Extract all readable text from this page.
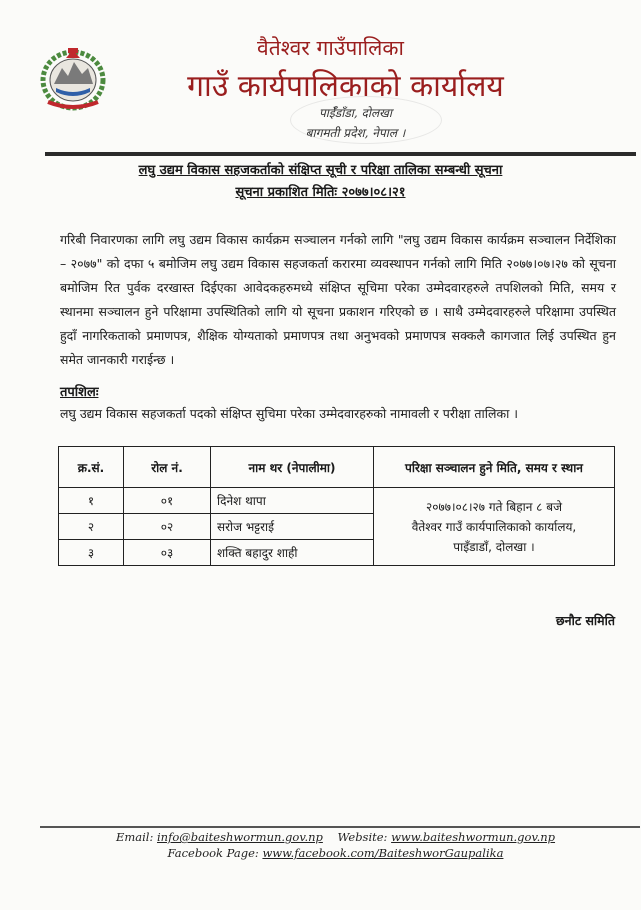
वैतेश्वर गाउँपालिका
गाउँ कार्यपालिकाको कार्यालय
पाईँडाँडा, दोलखा
बागमती प्रदेश, नेपाल ।
लघु उद्यम विकास सहजकर्ताको संक्षिप्त सूची र परिक्षा तालिका सम्बन्धी सूचना
सूचना प्रकाशित मितिः २०७७।०८।२१
गरिबी निवारणका लागि लघु उद्यम विकास कार्यक्रम सञ्चालन गर्नको लागि "लघु उद्यम विकास कार्यक्रम सञ्चालन निर्देशिका – २०७७" को दफा ५ बमोजिम लघु उद्यम विकास सहजकर्ता करारमा व्यवस्थापन गर्नको लागि मिति २०७७।०७।२७ को सूचना बमोजिम रित पुर्वक दरखास्त दिईएका आवेदकहरुमध्ये संक्षिप्त सूचिमा परेका उम्मेदवारहरुले तपशिलको मिति, समय र स्थानमा सञ्चालन हुने परिक्षामा उपस्थितिको लागि यो सूचना प्रकाशन गरिएको छ । साथै उम्मेदवारहरुले परिक्षामा उपस्थित हुदाँ नागरिकताको प्रमाणपत्र, शैक्षिक योग्यताको प्रमाणपत्र तथा अनुभवको प्रमाणपत्र सक्कलै कागजात लिई उपस्थित हुन समेत जानकारी गराईन्छ ।
तपशिलः
लघु उद्यम विकास सहजकर्ता पदको संक्षिप्त सुचिमा परेका उम्मेदवारहरुको नामावली र परीक्षा तालिका ।
क्र.सं.	रोल नं.	नाम थर (नेपालीमा)	परिक्षा सञ्चालन हुने मिति, समय र स्थान
१	०१	दिनेश थापा	२०७७।०८।२७ गते बिहान ८ बजे
वैतेश्वर गाउँ कार्यपालिकाको कार्यालय,
पाइँडाडाँ, दोलखा ।

२	०२	सरोज भट्टराई	
३	०३	शक्ति बहादुर शाही	
छनौट समिति
Email: info@baiteshwormun.gov.np Website: www.baiteshwormun.gov.np
Facebook Page: www.facebook.com/BaiteshworGaupalika
